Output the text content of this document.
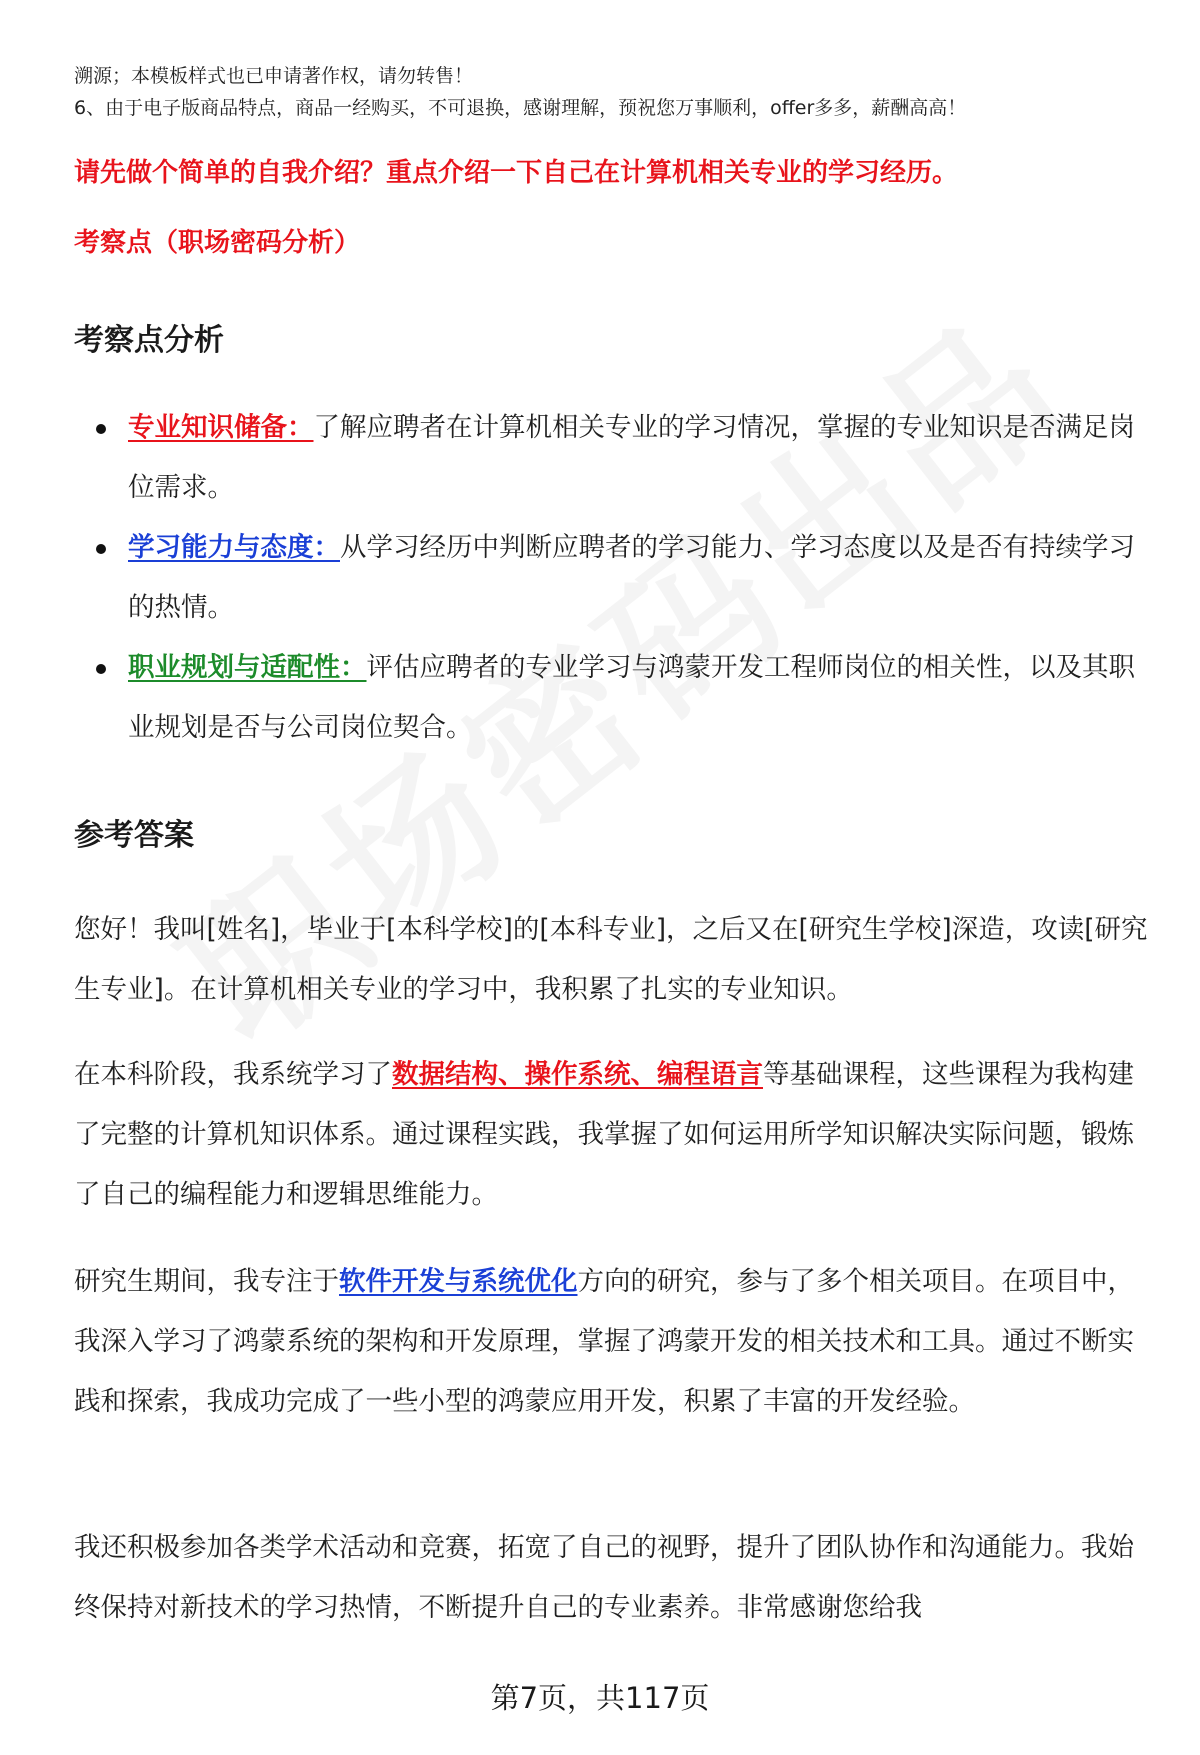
溯源；本模板样式也已申请著作权，请勿转售！
6、由于电子版商品特点，商品一经购买，不可退换，感谢理解，预祝您万事顺利，offer多多，薪酬高高！
请先做个简单的自我介绍？重点介绍一下自己在计算机相关专业的学习经历。
考察点（职场密码分析）
考察点分析
专业知识储备：了解应聘者在计算机相关专业的学习情况，掌握的专业知识是否满足岗位需求。
学习能力与态度：从学习经历中判断应聘者的学习能力、学习态度以及是否有持续学习的热情。
职业规划与适配性：评估应聘者的专业学习与鸿蒙开发工程师岗位的相关性，以及其职业规划是否与公司岗位契合。
参考答案

您好！我叫[姓名]，毕业于[本科学校]的[本科专业]，之后又在[研究生学校]深造，攻读[研究生专业]。在计算机相关专业的学习中，我积累了扎实的专业知识。

在本科阶段，我系统学习了数据结构、操作系统、编程语言等基础课程，这些课程为我构建了完整的计算机知识体系。通过课程实践，我掌握了如何运用所学知识解决实际问题，锻炼了自己的编程能力和逻辑思维能力。

研究生期间，我专注于软件开发与系统优化方向的研究，参与了多个相关项目。在项目中，我深入学习了鸿蒙系统的架构和开发原理，掌握了鸿蒙开发的相关技术和工具。通过不断实践和探索，我成功完成了一些小型的鸿蒙应用开发，积累了丰富的开发经验。

我还积极参加各类学术活动和竞赛，拓宽了自己的视野，提升了团队协作和沟通能力。我始终保持对新技术的学习热情，不断提升自己的专业素养。非常感谢您给我

第7页，共117页
